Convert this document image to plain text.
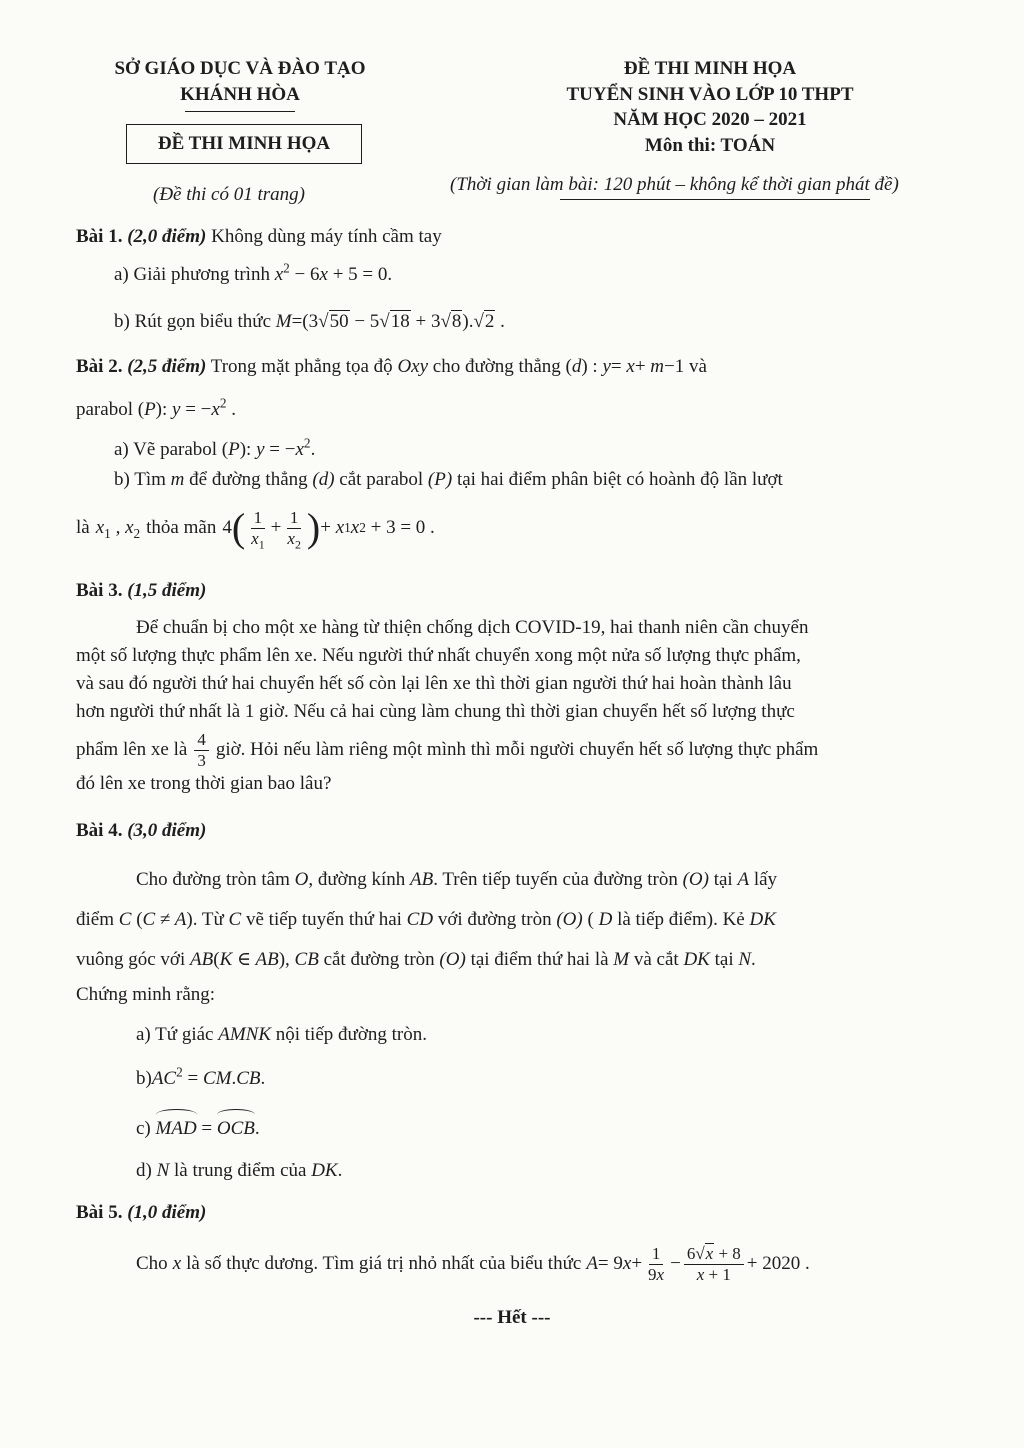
SỞ GIÁO DỤC VÀ ĐÀO TẠO
KHÁNH HÒA
ĐỀ THI MINH HỌA
(Đề thi có 01 trang)
ĐỀ THI MINH HỌA
TUYỂN SINH VÀO LỚP 10 THPT
NĂM HỌC 2020 – 2021
Môn thi: TOÁN
(Thời gian làm bài: 120 phút – không kể thời gian phát đề)
Bài 1. (2,0 điểm) Không dùng máy tính cầm tay
a) Giải phương trình $x^2 - 6x + 5 = 0$.
b) Rút gọn biểu thức M=(3√50 − 5√18 + 3√8).√2 .
Bài 2. (2,5 điểm) Trong mặt phẳng tọa độ Oxy cho đường thẳng (d) : y= x+ m−1 và
parabol (P): $y = -x^2$ .
a) Vẽ parabol (P): $y = -x^2$.
b) Tìm m để đường thẳng (d) cắt parabol (P) tại hai điểm phân biệt có hoành độ lần lượt
là $x_1$ , $x_2$ thỏa mãn 4 ( $\frac{1}{x_1} + \frac{1}{x_2}$ ) + x 1 x 2
+ 3 = 0 .
Bài 3. (1,5 điểm)
Để chuẩn bị cho một xe hàng từ thiện chống dịch COVID-19, hai thanh niên cần chuyển
một số lượng thực phẩm lên xe. Nếu người thứ nhất chuyển xong một nửa số lượng thực phẩm,
và sau đó người thứ hai chuyển hết số còn lại lên xe thì thời gian người thứ hai hoàn thành lâu
hơn người thứ nhất là 1 giờ. Nếu cả hai cùng làm chung thì thời gian chuyển hết số lượng thực
phẩm lên xe là $\frac{4}{3}$ giờ. Hỏi nếu làm riêng một mình thì mỗi người chuyển hết số lượng thực phẩm
đó lên xe trong thời gian bao lâu?
Bài 4. (3,0 điểm)
Cho đường tròn tâm O, đường kính AB. Trên tiếp tuyến của đường tròn (O) tại A lấy
điểm C (C ≠ A). Từ C vẽ tiếp tuyến thứ hai CD với đường tròn (O) ( D là tiếp điểm). Kẻ DK
vuông góc với AB(K ∈ AB), CB cắt đường tròn (O) tại điểm thứ hai là M và cắt DK tại N.
Chứng minh rằng:
a) Tứ giác AMNK nội tiếp đường tròn.
$b)AC^2 = CM.CB$.
c) MAD = OCB.
d) N là trung điểm của DK.
Bài 5. (1,0 điểm)
Cho x là số thực dương. Tìm giá trị nhỏ nhất của biểu thức A = 9 $x + \frac{1}{9x} - \frac{6√x + 8}{x + 1} + 2020$ .
--- Hết ---
